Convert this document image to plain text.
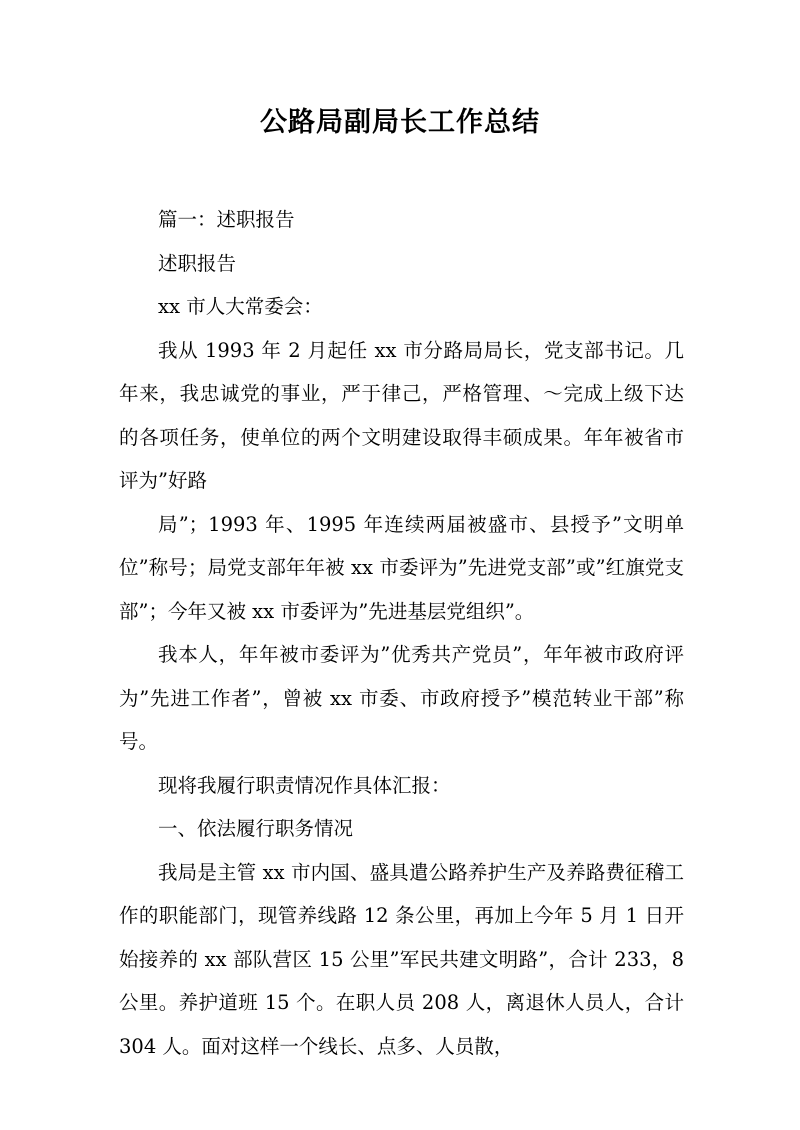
公路局副局长工作总结

篇一：述职报告

述职报告

xx 市人大常委会：

我从 1993 年 2 月起任 xx 市分路局局长，党支部书记。几年来，我忠诚党的事业，严于律己，严格管理、～完成上级下达的各项任务，使单位的两个文明建设取得丰硕成果。年年被省市评为”好路

局”；1993 年、1995 年连续两届被盛市、县授予”文明单位”称号；局党支部年年被 xx 市委评为”先进党支部”或”红旗党支部”；今年又被 xx 市委评为”先进基层党组织”。

我本人，年年被市委评为”优秀共产党员”，年年被市政府评为”先进工作者”，曾被 xx 市委、市政府授予”模范转业干部”称号。

现将我履行职责情况作具体汇报：

一、依法履行职务情况

我局是主管 xx 市内国、盛具遣公路养护生产及养路费征稽工作的职能部门，现管养线路 12 条公里，再加上今年 5 月 1 日开始接养的 xx 部队营区 15 公里”军民共建文明路”，合计 233，8 公里。养护道班 15 个。在职人员 208 人，离退休人员人，合计 304 人。面对这样一个线长、点多、人员散，
